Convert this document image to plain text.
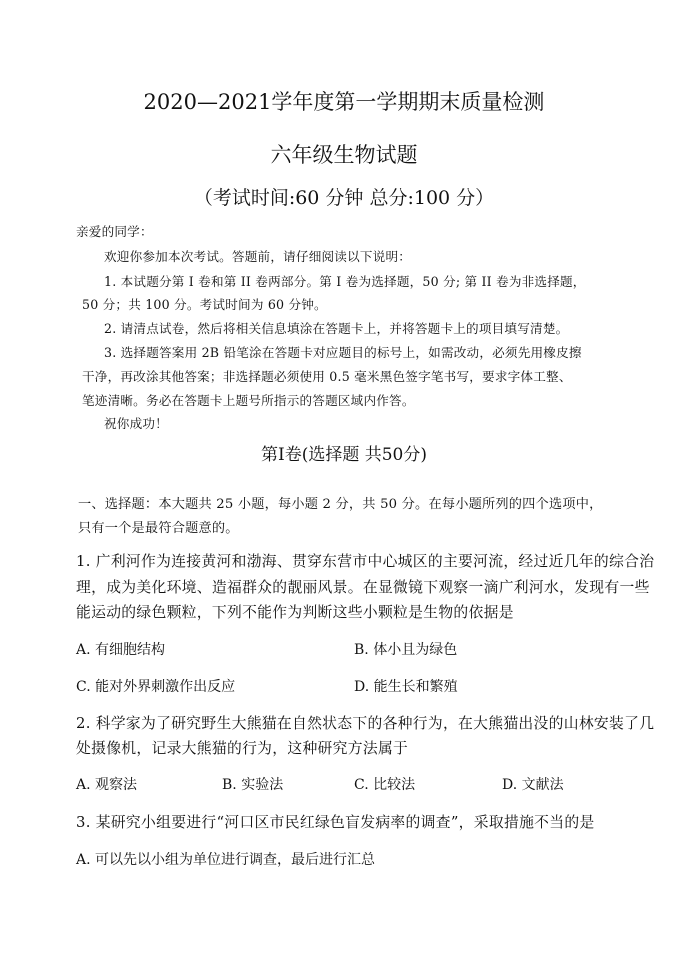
2020—2021学年度第一学期期末质量检测
六年级生物试题
（考试时间:60 分钟 总分:100 分）
亲爱的同学：
欢迎你参加本次考试。答题前，请仔细阅读以下说明：
1. 本试题分第 I 卷和第 II 卷两部分。第 I 卷为选择题，50 分; 第 II 卷为非选择题，
50 分；共 100 分。考试时间为 60 分钟。
2. 请清点试卷，然后将相关信息填涂在答题卡上，并将答题卡上的项目填写清楚。
3. 选择题答案用 2B 铅笔涂在答题卡对应题目的标号上，如需改动，必须先用橡皮擦
干净，再改涂其他答案；非选择题必须使用 0.5 毫米黑色签字笔书写，要求字体工整、
笔迹清晰。务必在答题卡上题号所指示的答题区域内作答。
祝你成功！
第Ⅰ卷(选择题 共50分)
一、选择题：本大题共 25 小题，每小题 2 分，共 50 分。在每小题所列的四个选项中，
只有一个是最符合题意的。
1. 广利河作为连接黄河和渤海、贯穿东营市中心城区的主要河流，经过近几年的综合治
理，成为美化环境、造福群众的靓丽风景。在显微镜下观察一滴广利河水，发现有一些
能运动的绿色颗粒，下列不能作为判断这些小颗粒是生物的依据是
A. 有细胞结构	B. 体小且为绿色
C. 能对外界刺激作出反应	D. 能生长和繁殖
2. 科学家为了研究野生大熊猫在自然状态下的各种行为，在大熊猫出没的山林安装了几
处摄像机，记录大熊猫的行为，这种研究方法属于
A. 观察法	B. 实验法	C. 比较法	D. 文献法
3. 某研究小组要进行“河口区市民红绿色盲发病率的调查”，采取措施不当的是
A. 可以先以小组为单位进行调查，最后进行汇总
